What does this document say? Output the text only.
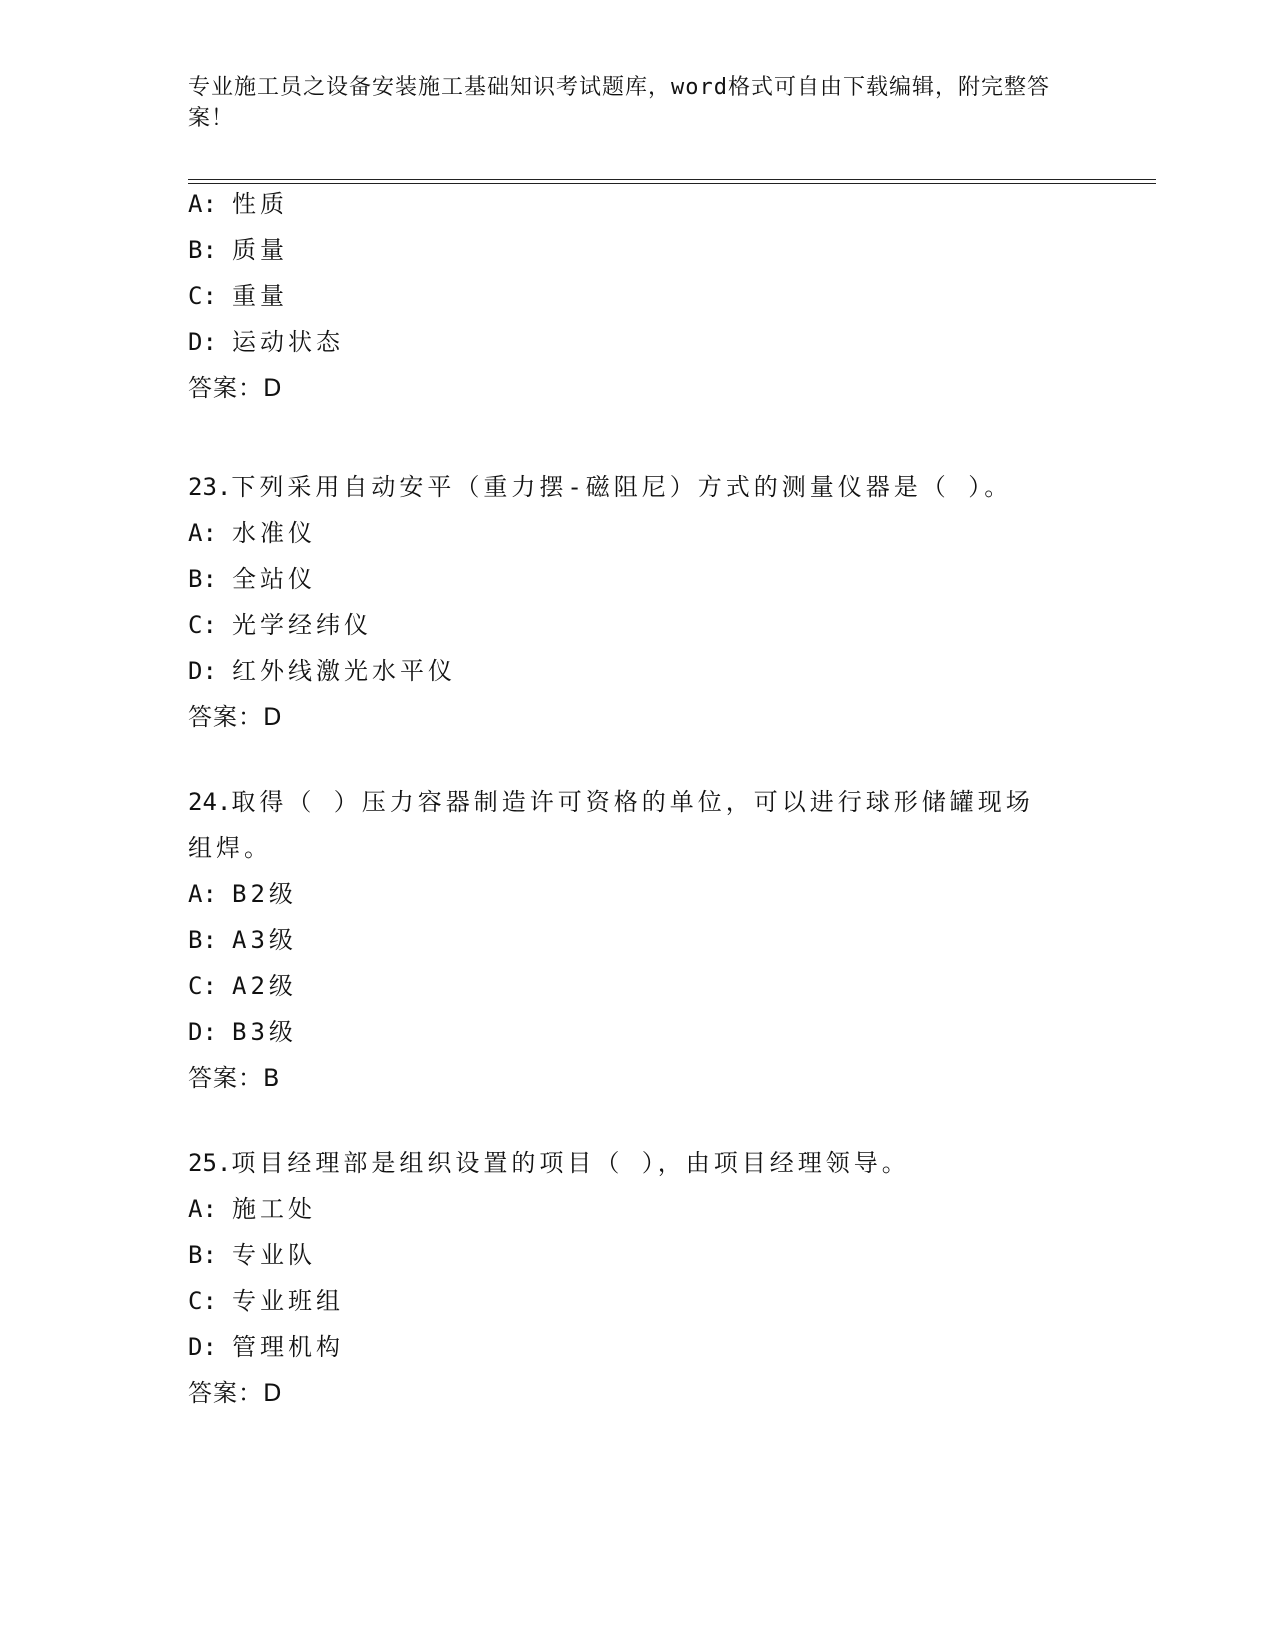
专业施工员之设备安装施工基础知识考试题库，word格式可自由下载编辑，附完整答案！
A: 性质
B: 质量
C: 重量
D: 运动状态
答案：D
23.下列采用自动安平（重力摆-磁阻尼）方式的测量仪器是（ ）。
A: 水准仪
B: 全站仪
C: 光学经纬仪
D: 红外线激光水平仪
答案：D
24.取得（ ）压力容器制造许可资格的单位，可以进行球形储罐现场组焊。
A: B2级
B: A3级
C: A2级
D: B3级
答案：B
25.项目经理部是组织设置的项目（ ），由项目经理领导。
A: 施工处
B: 专业队
C: 专业班组
D: 管理机构
答案：D
